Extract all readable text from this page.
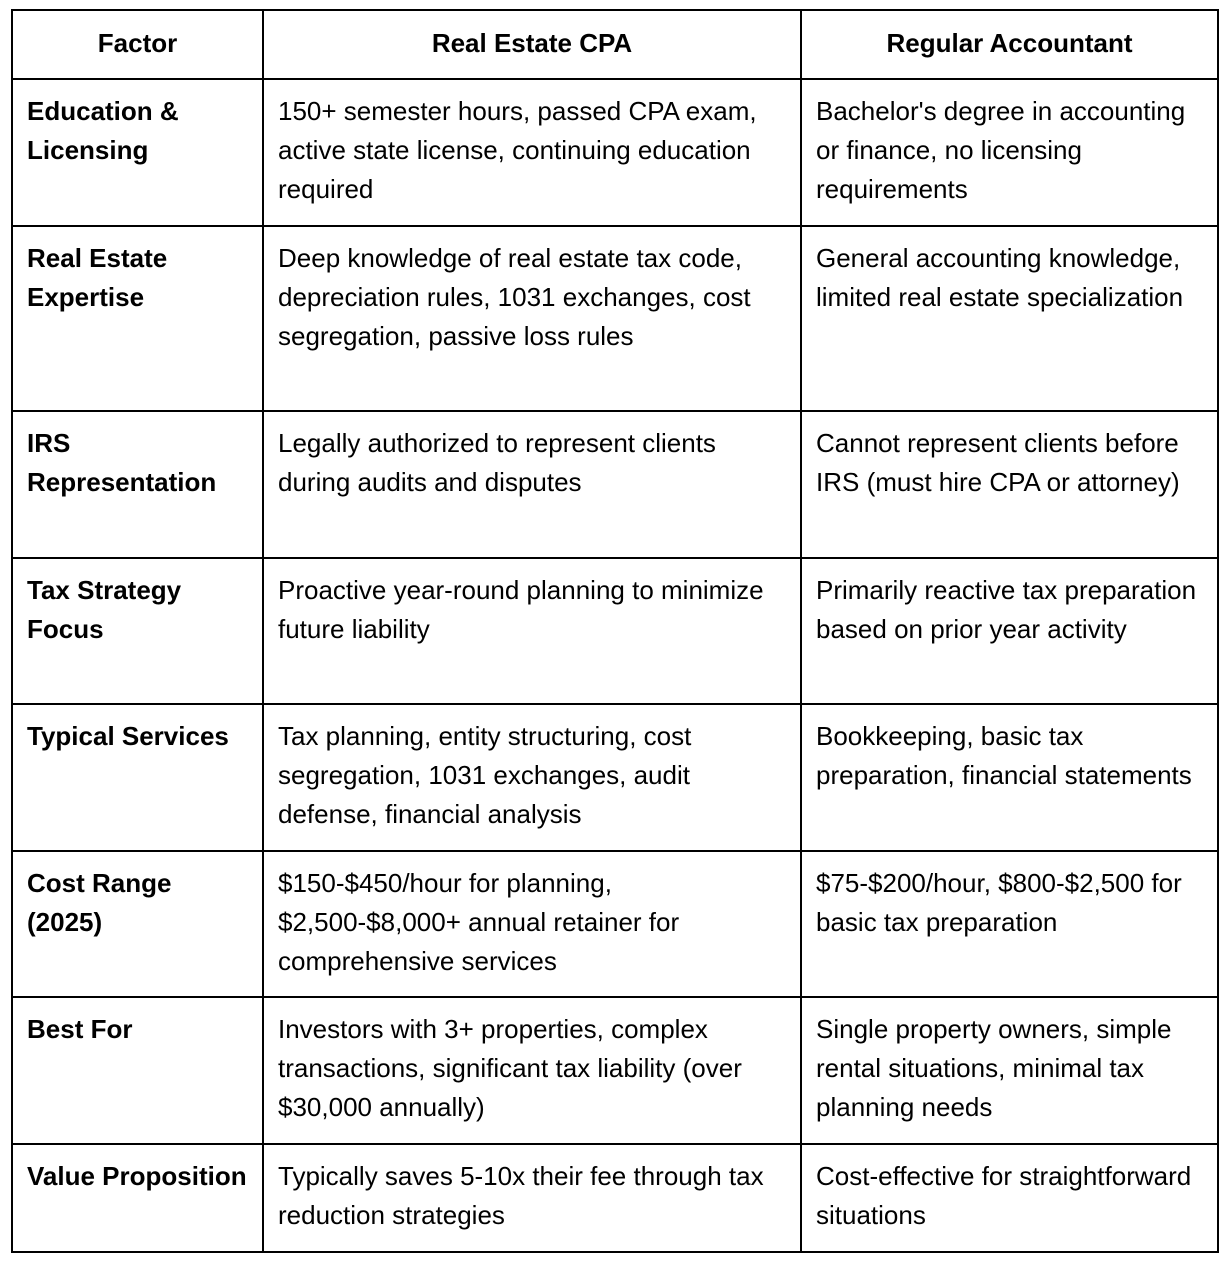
Factor	Real Estate CPA	Regular Accountant
Education & Licensing	150+ semester hours, passed CPA exam, active state license, continuing education required	Bachelor's degree in accounting or finance, no licensing requirements
Real Estate Expertise	Deep knowledge of real estate tax code, depreciation rules, 1031 exchanges, cost segregation, passive loss rules	General accounting knowledge, limited real estate specialization
IRS Representation	Legally authorized to represent clients during audits and disputes	Cannot represent clients before IRS (must hire CPA or attorney)
Tax Strategy Focus	Proactive year-round planning to minimize future liability	Primarily reactive tax preparation based on prior year activity
Typical Services	Tax planning, entity structuring, cost segregation, 1031 exchanges, audit defense, financial analysis	Bookkeeping, basic tax preparation, financial statements
Cost Range (2025)	$150-$450/hour for planning, $2,500-$8,000+ annual retainer for comprehensive services	$75-$200/hour, $800-$2,500 for basic tax preparation
Best For	Investors with 3+ properties, complex transactions, significant tax liability (over $30,000 annually)	Single property owners, simple rental situations, minimal tax planning needs
Value Proposition	Typically saves 5-10x their fee through tax reduction strategies	Cost-effective for straightforward situations
